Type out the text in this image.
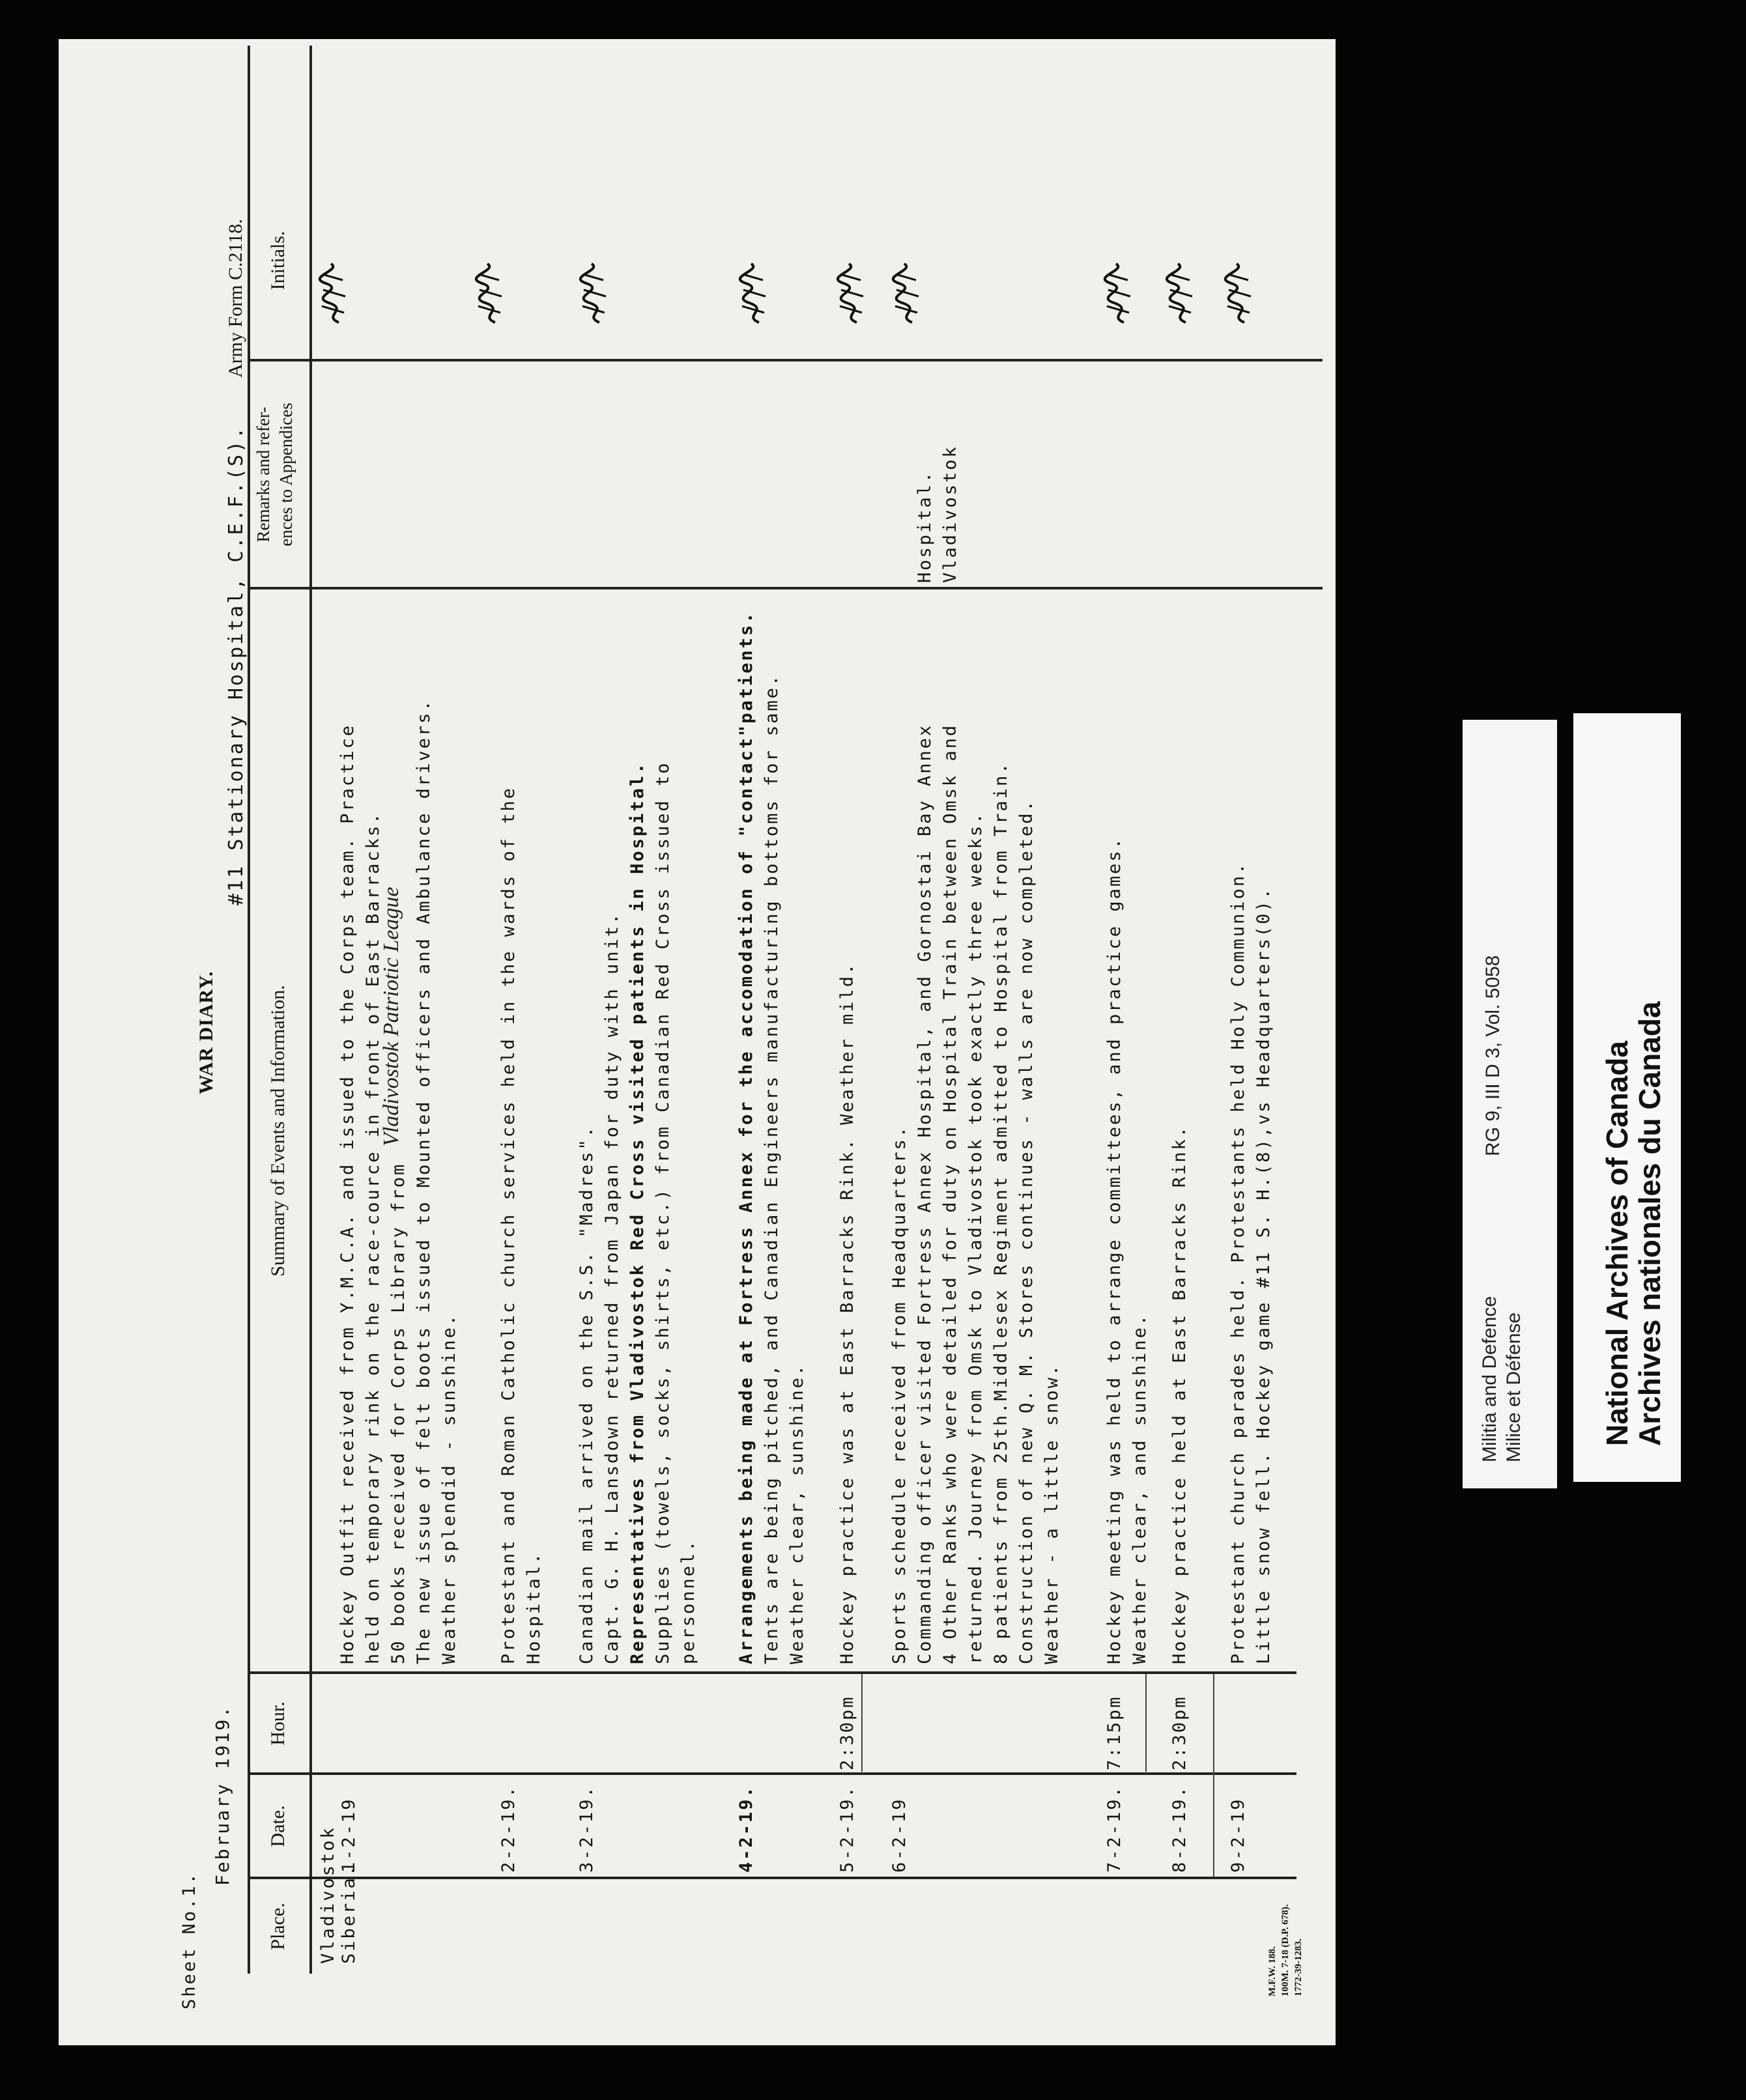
Sheet No.1.
February 1919.
WAR DIARY.
#11 Stationary Hospital, C.E.F.(S).
Army Form C.2118.
Place.
Date.
Hour.
Summary of Events and Information.
Remarks and refer- ences to Appendices
Initials.
Vladivostok Siberia.
1-2-19
Hockey Outfit received from Y.M.C.A. and issued to the Corps team. Practice held on temporary rink on the race-cource in front of East Barracks. 50 books received for Corps Library from
Vladivostok Patriotic League The new issue of felt boots issued to Mounted officers and Ambulance drivers. Weather splendid - sunshine.
2-2-19.
Protestant and Roman Catholic church services held in the wards of the Hospital.
3-2-19.
Canadian mail arrived on the S.S. "Madres". Capt. G. H. Lansdown returned from Japan for duty with unit. Representatives from Vladivostok Red Cross visited patients in Hospital. Supplies (towels, socks, shirts, etc.) from Canadian Red Cross issued to personnel.
4-2-19.
Arrangements being made at Fortress Annex for the accomodation of "contact"patients. Tents are being pitched, and Canadian Engineers manufacturing bottoms for same. Weather clear, sunshine.
5-2-19.
2:30pm
Hockey practice was at East Barracks Rink. Weather mild.
6-2-19
Sports schedule received from Headquarters. Commanding officer visited Fortress Annex Hospital, and Gornostai Bay Annex 4 Other Ranks who were detailed for duty on Hospital Train between Omsk and returned. Journey from Omsk to Vladivostok took exactly three weeks. 8 patients from 25th.Middlesex Regiment admitted to Hospital from Train. Construction of new Q. M. Stores continues - walls are now completed. Weather - a little snow.
Hospital. Vladivostok
7-2-19.
7:15pm
Hockey meeting was held to arrange committees, and practice games. Weather clear, and sunshine.
8-2-19.
2:30pm
Hockey practice held at East Barracks Rink.
9-2-19
Protestant church parades held. Protestants held Holy Communion. Little snow fell. Hockey game #11 S. H.(8),vs Headquarters(0).
M.F.W. 188. 100M. 7-18 (D.P. 678). 1772-39-1283.
Militia and Defence Milice et Défense
RG 9, III D 3, Vol. 5058	National Archives of Canada
Archives nationales du Canada
